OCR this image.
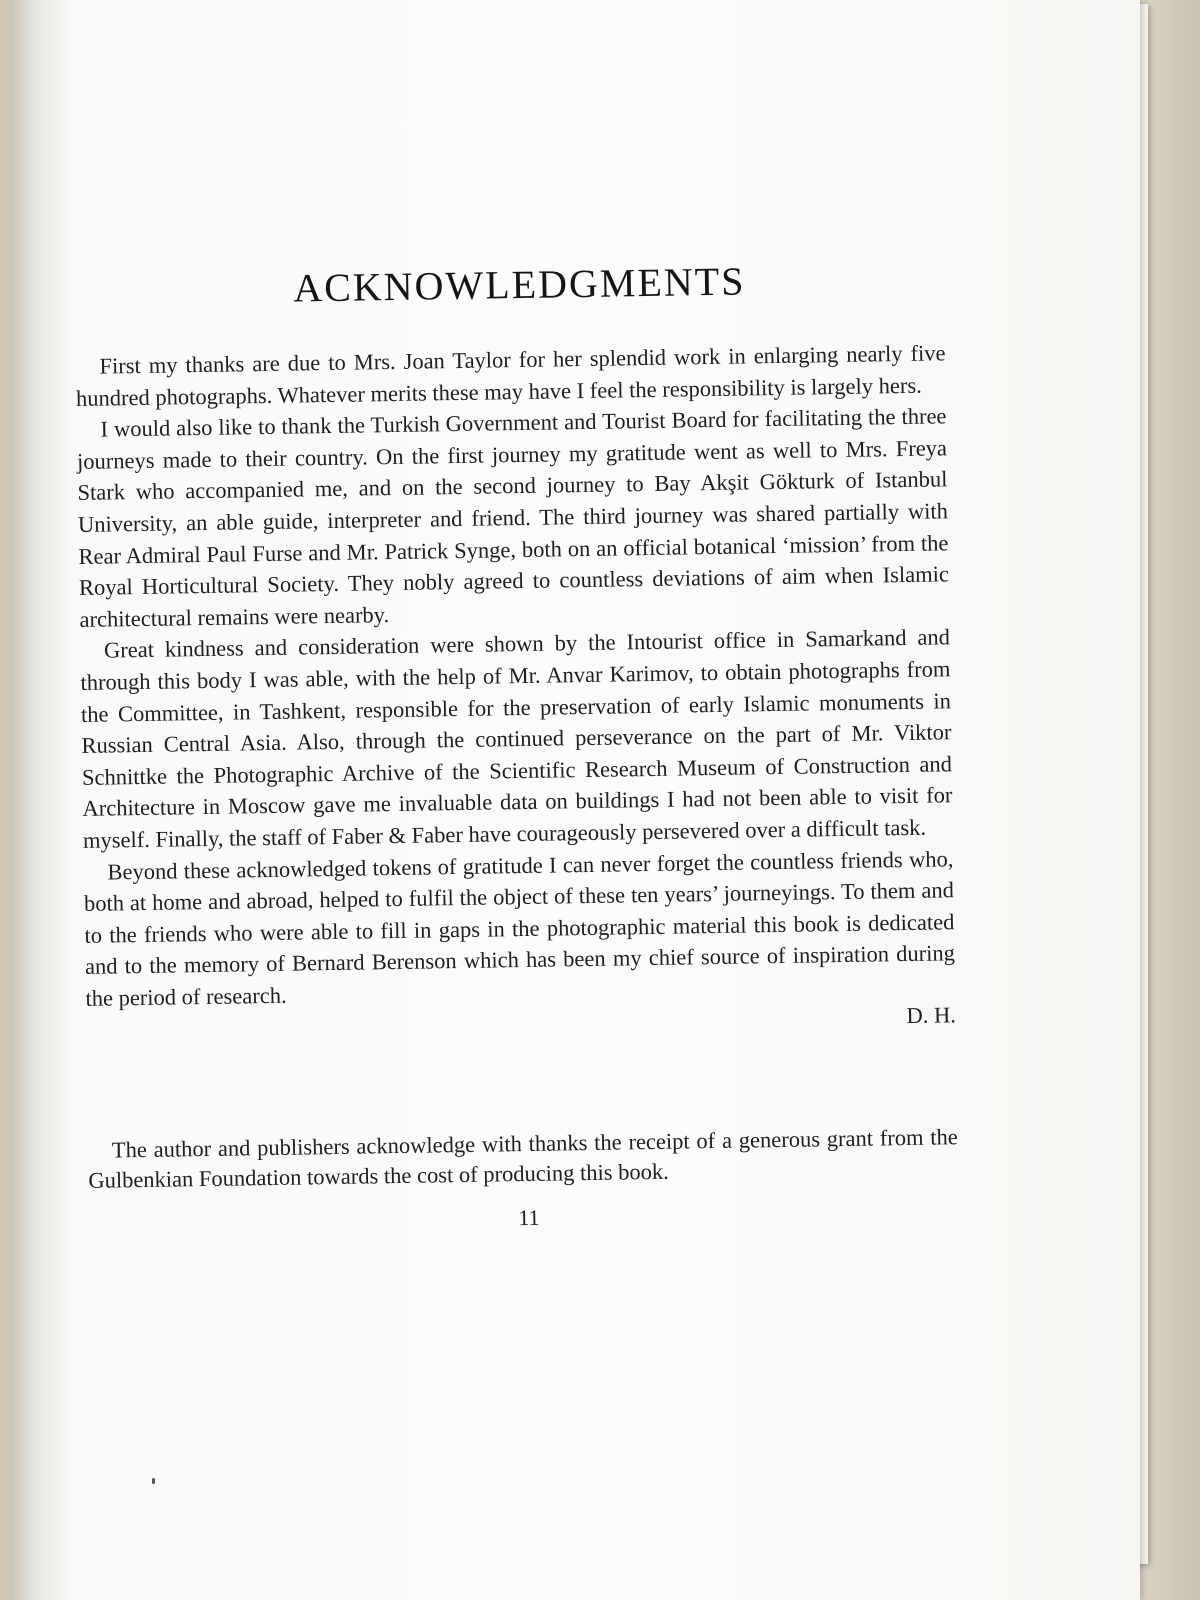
ACKNOWLEDGMENTS

First my thanks are due to Mrs. Joan Taylor for her splendid work in enlarging nearly five hundred photographs. Whatever merits these may have I feel the responsibility is largely hers.

I would also like to thank the Turkish Government and Tourist Board for facilitating the three journeys made to their country. On the first journey my gratitude went as well to Mrs. Freya Stark who accompanied me, and on the second journey to Bay Akşit Gökturk of Istanbul University, an able guide, interpreter and friend. The third journey was shared partially with Rear Admiral Paul Furse and Mr. Patrick Synge, both on an official botanical ‘mission’ from the Royal Horticultural Society. They nobly agreed to countless deviations of aim when Islamic architectural remains were nearby.

Great kindness and consideration were shown by the Intourist office in Samarkand and through this body I was able, with the help of Mr. Anvar Karimov, to obtain photographs from the Committee, in Tashkent, responsible for the preservation of early Islamic monuments in Russian Central Asia. Also, through the continued perseverance on the part of Mr. Viktor Schnittke the Photographic Archive of the Scientific Research Museum of Construction and Architecture in Moscow gave me invaluable data on buildings I had not been able to visit for myself. Finally, the staff of Faber & Faber have courageously persevered over a difficult task.

Beyond these acknowledged tokens of gratitude I can never forget the countless friends who, both at home and abroad, helped to fulfil the object of these ten years’ journeyings. To them and to the friends who were able to fill in gaps in the photographic material this book is dedicated and to the memory of Bernard Berenson which has been my chief source of inspiration during the period of research.

D. H.

The author and publishers acknowledge with thanks the receipt of a generous grant from the Gulbenkian Foundation towards the cost of producing this book.

11
